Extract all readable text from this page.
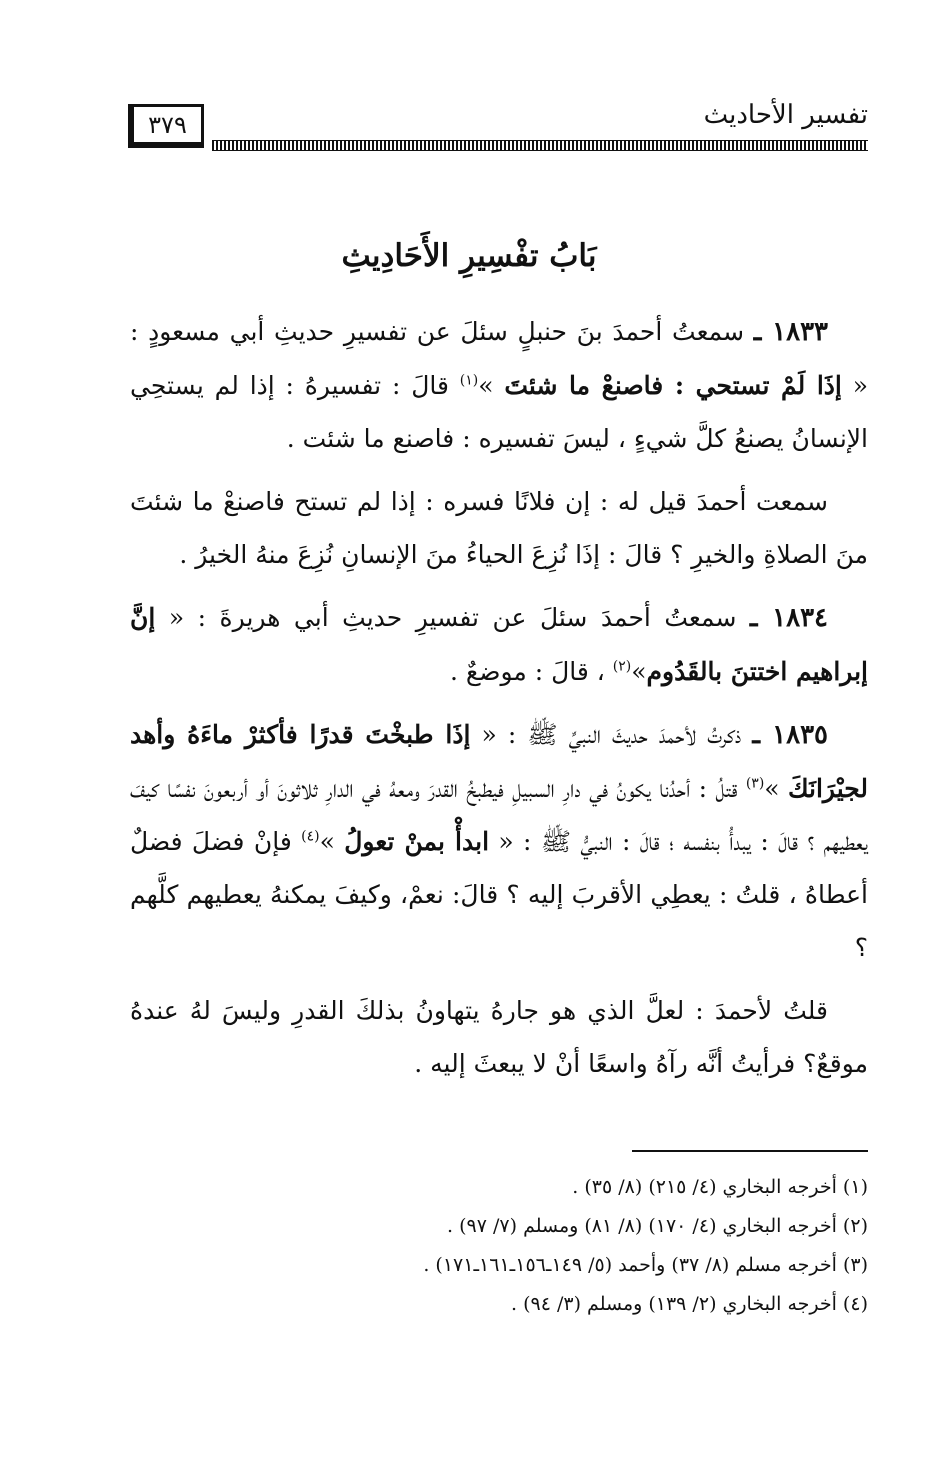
تفسير الأحاديث
٣٧٩
بَابُ تفْسِيرِ الأَحَادِيثِ

١٨٣٣ ـ سمعتُ أحمدَ بنَ حنبلٍ سئلَ عن تفسيرِ حديثِ أبي مسعودٍ : « إذَا لَمْ تستحي : فاصنعْ ما شئتَ »$^{(١)}$ قالَ : تفسيرهُ : إذا لم يستحِي الإنسانُ يصنعُ كلَّ شيءٍ ، ليسَ تفسيره : فاصنع ما شئت .

سمعت أحمدَ قيل له : إن فلانًا فسره : إذا لم تستح فاصنعْ ما شئتَ منَ الصلاةِ والخيرِ ؟ قالَ : إذَا نُزِعَ الحياءُ منَ الإنسانِ نُزِعَ منهُ الخيرُ .

١٨٣٤ ـ سمعتُ أحمدَ سئلَ عن تفسيرِ حديثِ أبي هريرةَ : « إنَّ إبراهيم اختتنَ بالقَدُوم»$^{(٢)}$ ، قالَ : موضعٌ .

١٨٣٥ ـ ذكرتُ لأحمدَ حديثَ النبيِّ ﷺ : « إذَا طبخْتَ قدرًا فأكثرْ ماءَهُ وأهد لجيْرَانَكَ »$^{(٣)}$ قتلُ : أحدُنا يكونُ في دارِ السبيلِ فيطبخُ القدرَ ومعهُ في الدارِ ثلاثونَ أو أربعونَ نفسًا كيفَ يعطيهم ؟ قالَ : يبدأُ بنفسه ؛ قالَ : النبيُّ ﷺ : « ابدأْ بمنْ تعولُ »$^{(٤)}$ فإنْ فضلَ فضلٌ أعطاهُ ، قلتُ : يعطِي الأقربَ إليه ؟ قالَ: نعمْ، وكيفَ يمكنهُ يعطيهم كلَّهم ؟

قلتُ لأحمدَ : لعلَّ الذي هو جارهُ يتهاونُ بذلكَ القدرِ وليسَ لهُ عندهُ موقعٌ؟ فرأيتُ أنَّه رآهُ واسعًا أنْ لا يبعثَ إليه .

(١) أخرجه البخاري (٤/ ٢١٥) (٨/ ٣٥) .
(٢) أخرجه البخاري (٤/ ١٧٠) (٨/ ٨١) ومسلم (٧/ ٩٧) .
(٣) أخرجه مسلم (٨/ ٣٧) وأحمد (٥/ ١٤٩ـ١٥٦ـ١٦١ـ١٧١) .
(٤) أخرجه البخاري (٢/ ١٣٩) ومسلم (٣/ ٩٤) .
